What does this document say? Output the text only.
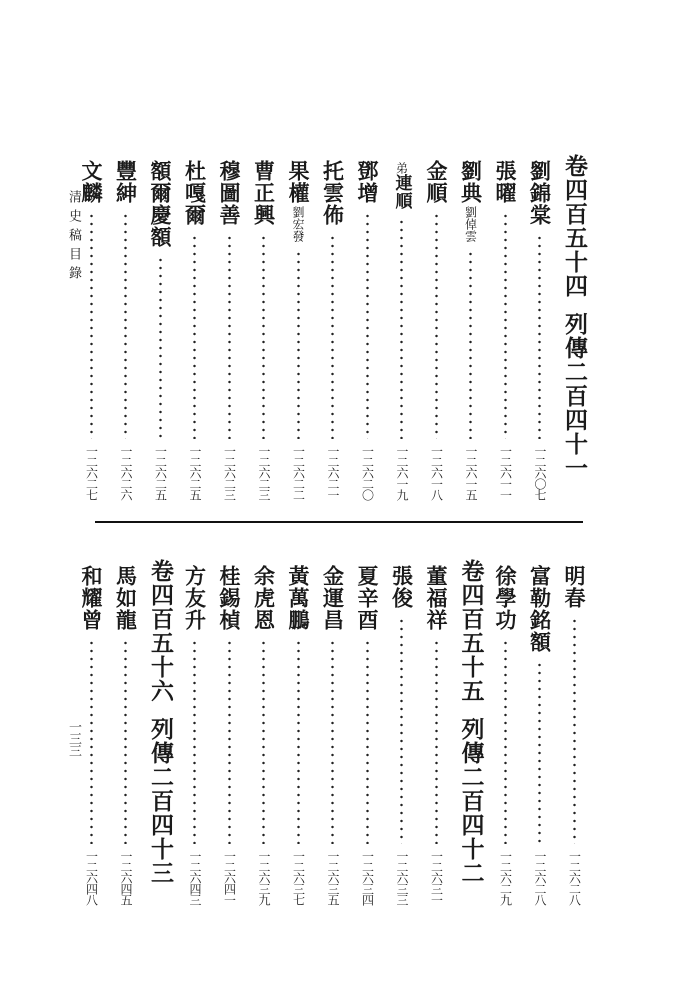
清史稿目錄
一三三
卷四百五十四列傳二百四十一
劉錦棠
一二六〇七
張曜
一二六一一
劉典
劉倬雲
一二六一五
金順
一二六一八
弟
連順
一二六一九
鄧增
一二六二〇
托雲佈
一二六二一
果權
劉宏發
一二六二二
曹正興
一二六二三
穆圖善
一二六二三
杜嘎爾
一二六二五
額爾慶額
一二六二五
豐紳
一二六二六
文麟
一二六二七
明春
一二六二八
富勒銘額
一二六二八
徐學功
一二六二九
卷四百五十五列傳二百四十二
董福祥
一二六三一
張俊
一二六三三
夏辛酉
一二六三四
金運昌
一二六三五
黃萬鵬
一二六三七
余虎恩
一二六三九
桂錫楨
一二六四一
方友升
一二六四三
卷四百五十六列傳二百四十三
馬如龍
一二六四五
和耀曾
一二六四八
